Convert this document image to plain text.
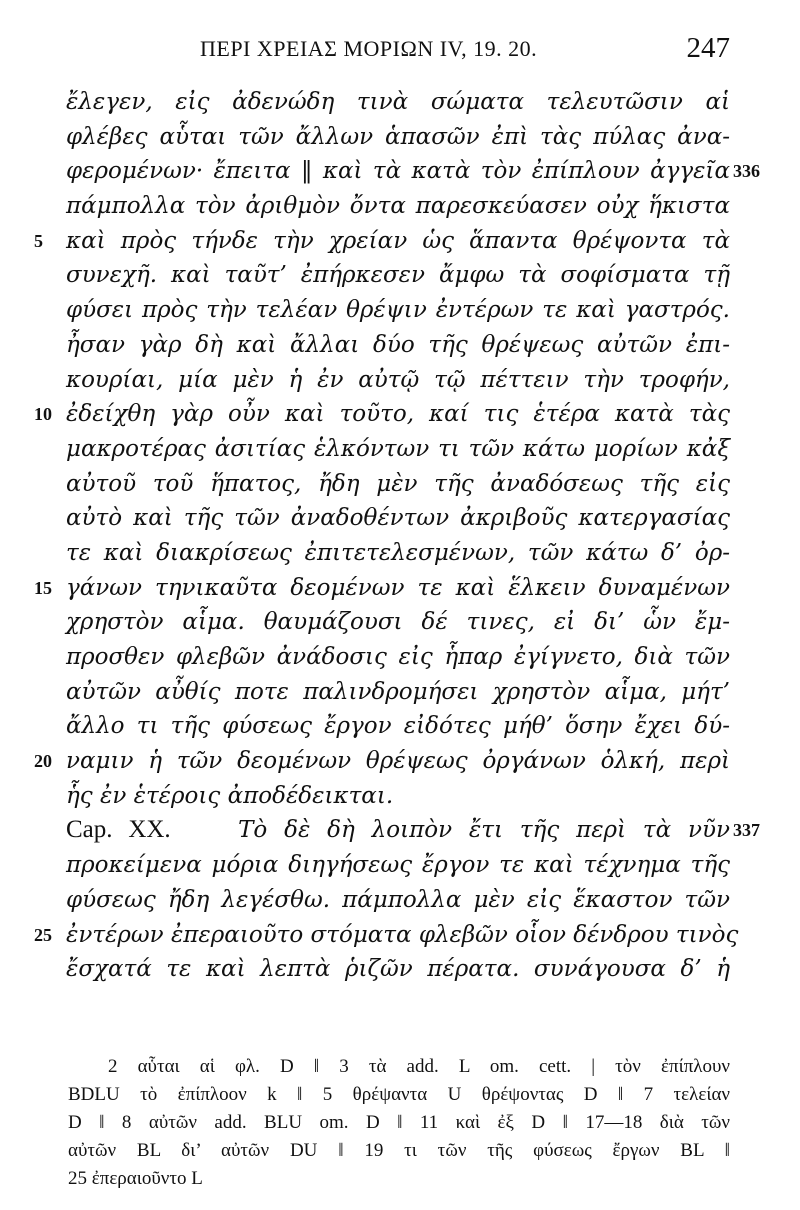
ΠΕΡΙ ΧΡΕΙΑΣ ΜΟΡΙΩΝ IV, 19. 20.	247
ἔλεγεν, εἰς ἀδενώδη τινὰ σώματα τελευτῶσιν αἱ
φλέβες αὗται τῶν ἄλλων ἁπασῶν ἐπὶ τὰς πύλας ἀνα-
φερομένων· ἔπειτα ‖ καὶ τὰ κατὰ τὸν ἐπίπλουν ἀγγεῖα 336
πάμπολλα τὸν ἀριθμὸν ὄντα παρεσκεύασεν οὐχ ἥκιστα
5	καὶ πρὸς τήνδε τὴν χρείαν ὡς ἅπαντα θρέψοντα τὰ
συνεχῆ. καὶ ταῦτ’ ἐπήρκεσεν ἄμφω τὰ σοφίσματα τῇ
φύσει πρὸς τὴν τελέαν θρέψιν ἐντέρων τε καὶ γαστρός.
ἦσαν γὰρ δὴ καὶ ἄλλαι δύο τῆς θρέψεως αὐτῶν ἐπι-
κουρίαι, μία μὲν ἡ ἐν αὐτῷ τῷ πέττειν τὴν τροφήν,
10 ἐδείχθη γὰρ οὖν καὶ τοῦτο, καί τις ἑτέρα κατὰ τὰς
μακροτέρας ἀσιτίας ἑλκόντων τι τῶν κάτω μορίων κἀξ
αὐτοῦ τοῦ ἥπατος, ἤδη μὲν τῆς ἀναδόσεως τῆς εἰς
αὐτὸ καὶ τῆς τῶν ἀναδοθέντων ἀκριβοῦς κατεργασίας
τε καὶ διακρίσεως ἐπιτετελεσμένων, τῶν κάτω δ’ ὀρ-
15 γάνων τηνικαῦτα δεομένων τε καὶ ἕλκειν δυναμένων
χρηστὸν αἷμα. θαυμάζουσι δέ τινες, εἰ δι’ ὧν ἔμ-
προσθεν φλεβῶν ἀνάδοσις εἰς ἧπαρ ἐγίγνετο, διὰ τῶν
αὐτῶν αὖθίς ποτε παλινδρομήσει χρηστὸν αἷμα, μήτ’
ἄλλο τι τῆς φύσεως ἔργον εἰδότες μήθ’ ὅσην ἔχει δύ-
20 ναμιν ἡ τῶν δεομένων θρέψεως ὀργάνων ὁλκή, περὶ
ἧς ἐν ἑτέροις ἀποδέδεικται.
Cap. XX.	Τὸ δὲ δὴ λοιπὸν ἔτι τῆς περὶ τὰ νῦν 337
προκείμενα μόρια διηγήσεως ἔργον τε καὶ τέχνημα τῆς
φύσεως ἤδη λεγέσθω. πάμπολλα μὲν εἰς ἕκαστον τῶν
25 ἐντέρων ἐπεραιοῦτο στόματα φλεβῶν οἷον δένδρου τινὸς
ἔσχατά τε καὶ λεπτὰ ῥιζῶν πέρατα. συνάγουσα δ’ ἡ
2 αὗται αἱ φλ. D ‖ 3 τὰ add. L om. cett. | τὸν ἐπίπλουν
BDLU τὸ ἐπίπλοον k ‖ 5 θρέψαντα U θρέψοντας D ‖ 7 τελείαν
D ‖ 8 αὐτῶν add. BLU om. D ‖ 11 καὶ ἐξ D ‖ 17—18 διὰ τῶν
αὐτῶν BL δι’ αὐτῶν DU ‖ 19 τι τῶν τῆς φύσεως ἔργων BL ‖
25 ἐπεραιοῦντο L
